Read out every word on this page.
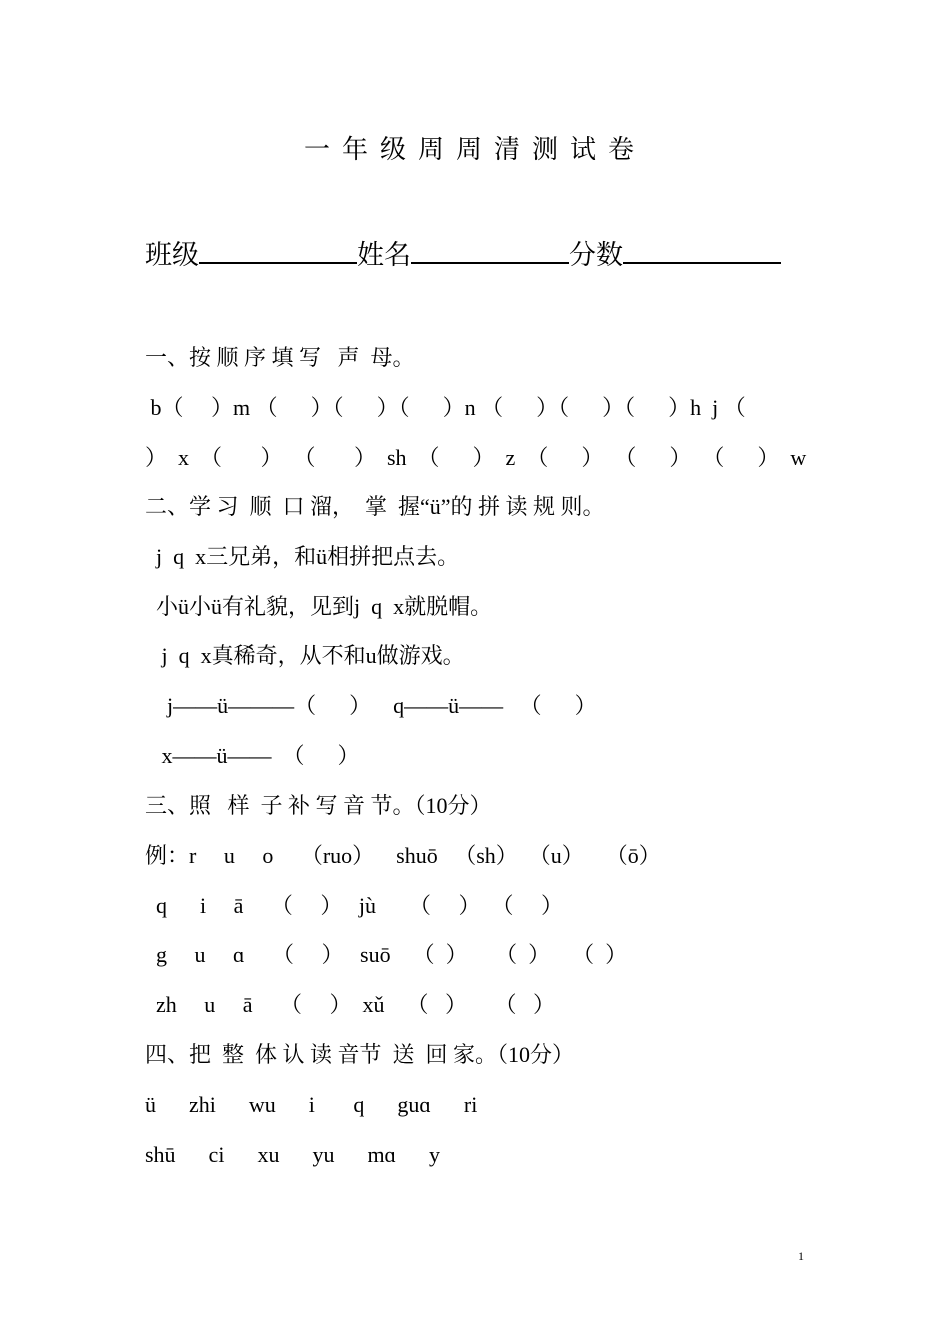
一年级周周清测试卷
班级	姓名	分数
一、按 顺 序 填 写   声  母。
b（     ）m （      ）（      ）（      ）n （      ）（      ）（      ）h  j （
）  x  （       ）  （       ）  sh  （      ）  z  （      ）  （      ）  （      ）  w
二、学 习  顺  口 溜，  掌  握“ü”的 拼 读 规 则。
j  q  x三兄弟，和ü相拼把点去。
小ü小ü有礼貌，见到j  q  x就脱帽。
j  q  x真稀奇，从不和u做游戏。
j——ü———（      ）    q——ü——   （      ）
x——ü——  （      ）
三、照   样  子 补 写 音 节。（10分）
例：r     u     o     （ruo）    shuō   （sh）  （u）    （ō）
q      i     ā     （     ）   jù      （     ）  （     ）
g     u     ɑ     （     ）   suō    （  ）     （  ）    （  ）
zh     u     ā     （     ）  xǔ    （   ）     （   ）
四、把  整  体 认 读 音节  送  回 家。（10分）
ü      zhi      wu      i       q      guɑ      ri
shū      ci      xu      yu      mɑ      y
1
